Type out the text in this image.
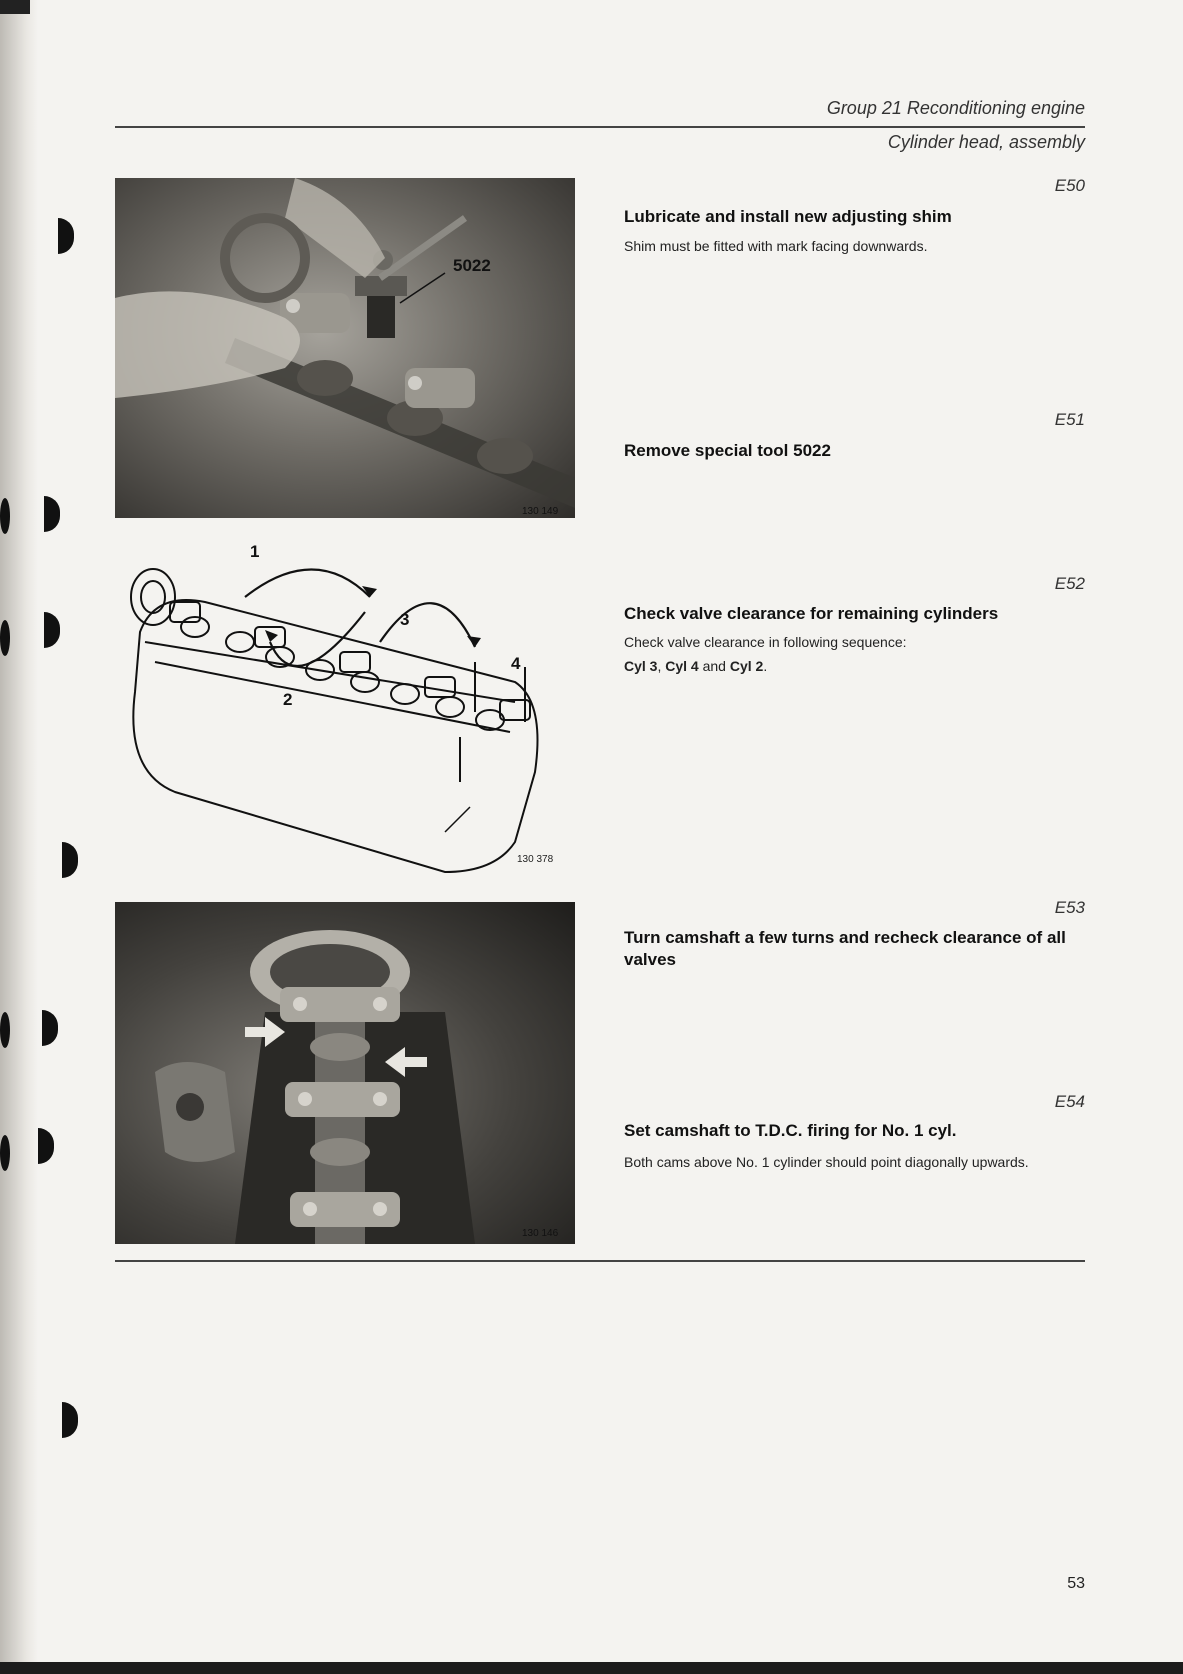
Group 21 Reconditioning engine
Cylinder head, assembly
5022
130 149
1
2
3
4
130 378
130 146
E50
Lubricate and install new adjusting shim
Shim must be fitted with mark facing downwards.
E51
Remove special tool 5022
E52
Check valve clearance for remaining cylinders
Check valve clearance in following sequence:
Cyl 3, Cyl 4 and Cyl 2.
E53
Turn camshaft a few turns and recheck clearance of all valves
E54
Set camshaft to T.D.C. firing for No. 1 cyl.
Both cams above No. 1 cylinder should point diagonally upwards.
53
